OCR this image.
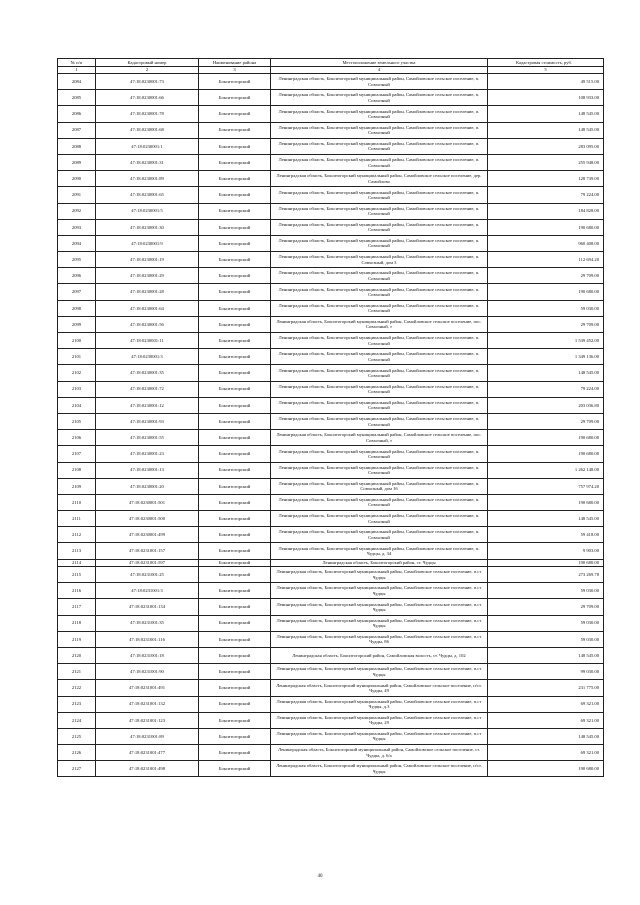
№ п/п	Кадастровый номер	Наименование района	Местоположение земельного участка	Кадастровая стоимость, руб.
1	2	3	4	5
2084	47:18:0230001:73	Бокситогорский	Ленинградская область, Бокситогорский муниципальный район, Самойловское сельское поселение, п. Совхозный	49 515.00
2085	47:18:0230001:66	Бокситогорский	Ленинградская область, Бокситогорский муниципальный район, Самойловское сельское поселение, п. Совхозный	108 933.00
2086	47:18:0230001:78	Бокситогорский	Ленинградская область, Бокситогорский муниципальный район, Самойловское сельское поселение, п. Совхозный	148 545.00
2087	47:18:0230001:68	Бокситогорский	Ленинградская область, Бокситогорский муниципальный район, Самойловское сельское поселение, п. Совхозный	148 545.00
2088	47:18:0230001:1	Бокситогорский	Ленинградская область, Бокситогорский муниципальный район, Самойловское сельское поселение, п. Совхозный	283 095.00
2089	47:18:0230001:31	Бокситогорский	Ленинградская область, Бокситогорский муниципальный район, Самойловское сельское поселение, п. Совхозный	255 948.00
2090	47:18:0230001:89	Бокситогорский	Ленинградская область, Бокситогорский муниципальный район, Самойловское сельское поселение, дер. Самойлово	128 739.00
2091	47:18:0230001:65	Бокситогорский	Ленинградская область, Бокситогорский муниципальный район, Самойловское сельское поселение, п. Совхозный	79 224.00
2092	47:18:0230001:5	Бокситогорский	Ленинградская область, Бокситогорский муниципальный район, Самойловское сельское поселение, п. Совхозный	184 828.00
2093	47:18:0230001:30	Бокситогорский	Ленинградская область, Бокситогорский муниципальный район, Самойловское сельское поселение, п. Совхозный	190 680.00
2094	47:18:0230001:9	Бокситогорский	Ленинградская область, Бокситогорский муниципальный район, Самойловское сельское поселение, п. Совхозный	960 408.00
2095	47:18:0230001:19	Бокситогорский	Ленинградская область, Бокситогорский муниципальный район, Самойловское сельское поселение, п. Совхозный, дом 3	112 694.20
2096	47:18:0230001:29	Бокситогорский	Ленинградская область, Бокситогорский муниципальный район, Самойловское сельское поселение, п. Совхозный	29 709.00
2097	47:18:0230001:28	Бокситогорский	Ленинградская область, Бокситогорский муниципальный район, Самойловское сельское поселение, п. Совхозный	190 680.00
2098	47:18:0230001:64	Бокситогорский	Ленинградская область, Бокситогорский муниципальный район, Самойловское сельское поселение, п. Совхозный	59 030.00
2099	47:18:0230001:56	Бокситогорский	Ленинградская область, Бокситогорский муниципальный район, Самойловское сельское поселение, пос. Совхозный, т	29 709.00
2100	47:18:0230001:11	Бокситогорский	Ленинградская область, Бокситогорский муниципальный район, Самойловское сельское поселение, п. Совхозный	1 539 452.00
2101	47:18:0230001:3	Бокситогорский	Ленинградская область, Бокситогорский муниципальный район, Самойловское сельское поселение, п. Совхозный	1 349 136.00
2102	47:18:0230001:35	Бокситогорский	Ленинградская область, Бокситогорский муниципальный район, Самойловское сельское поселение, п. Совхозный	148 545.00
2103	47:18:0230001:72	Бокситогорский	Ленинградская область, Бокситогорский муниципальный район, Самойловское сельское поселение, п. Совхозный	79 224.00
2104	47:18:0230001:12	Бокситогорский	Ленинградская область, Бокситогорский муниципальный район, Самойловское сельское поселение, п. Совхозный	203 036.80
2105	47:18:0230001:93	Бокситогорский	Ленинградская область, Бокситогорский муниципальный район, Самойловское сельское поселение, п. Совхозный	29 709.00
2106	47:18:0230001:55	Бокситогорский	Ленинградская область, Бокситогорский муниципальный район, Самойловское сельское поселение, пос. Совхозный, т	190 680.00
2107	47:18:0230001:23	Бокситогорский	Ленинградская область, Бокситогорский муниципальный район, Самойловское сельское поселение, п. Совхозный	190 680.00
2108	47:18:0230001:13	Бокситогорский	Ленинградская область, Бокситогорский муниципальный район, Самойловское сельское поселение, п. Совхозный	1 262 148.00
2109	47:18:0230001:20	Бокситогорский	Ленинградская область, Бокситогорский муниципальный район, Самойловское сельское поселение, п. Совхозный, дом 16	757 974.20
2110	47:18:0230001:501	Бокситогорский	Ленинградская область, Бокситогорский муниципальный район, Самойловское сельское поселение, п. Совхозный	190 680.00
2111	47:18:0230001:500	Бокситогорский	Ленинградская область, Бокситогорский муниципальный район, Самойловское сельское поселение, п. Совхозный	148 545.00
2112	47:18:0230001:499	Бокситогорский	Ленинградская область, Бокситогорский муниципальный район, Самойловское сельское поселение, п. Совхозный	59 418.00
2113	47:18:0231001:157	Бокситогорский	Ленинградская область, Бокситогорский муниципальный район, Самойловское сельское поселение, п. Чудцы, д. 34	9 903.00
2114	47:18:0231001:597	Бокситогорский	Ленинградская область, Бокситогорский район, ст. Чудцы	190 680.00
2115	47:18:0231001:25	Бокситогорский	Ленинградская область, Бокситогорский муниципальный район, Самойловское сельское поселение, п.ст Чудцы	273 269.78
2116	47:18:0231001:3	Бокситогорский	Ленинградская область, Бокситогорский муниципальный район, Самойловское сельское поселение, п.ст Чудцы	59 030.00
2117	47:18:0231001:134	Бокситогорский	Ленинградская область, Бокситогорский муниципальный район, Самойловское сельское поселение, п.ст Чудцы	29 709.00
2118	47:18:0231001:35	Бокситогорский	Ленинградская область, Бокситогорский муниципальный район, Самойловское сельское поселение, п.ст Чудцы	59 030.00
2119	47:18:0231001:116	Бокситогорский	Ленинградская область, Бокситогорский муниципальный район, Самойловское сельское поселение, п.ст Чудцы, 86	59 030.00
2120	47:18:0231001:18	Бокситогорский	Ленинградская область, Бокситогорский район, Самойловская волость, ст. Чудцы, д. 102	148 545.00
2121	47:18:0231001:90	Бокситогорский	Ленинградская область, Бокситогорский муниципальный район, Самойловское сельское поселение, п.ст Чудцы	99 030.00
2122	47:18:0231001:491	Бокситогорский	Ленинградская область, Бокситогорский муниципальный район, Самойловское сельское поселение, п/ст. Чудцы, 49	231 775.00
2123	47:18:0231001:132	Бокситогорский	Ленинградская область, Бокситогорский муниципальный район, Самойловское сельское поселение, п.ст Чудцы, д.3	69 321.00
2124	47:18:0231001:123	Бокситогорский	Ленинградская область, Бокситогорский муниципальный район, Самойловское сельское поселение, п.ст Чудцы, 29	69 321.00
2125	47:18:0231001:89	Бокситогорский	Ленинградская область, Бокситогорский муниципальный район, Самойловское сельское поселение, п.ст Чудцы	148 545.00
2126	47:18:0231001:477	Бокситогорский	Ленинградская область, Бокситогорский муниципальный район, Самойловское сельское поселение, ст. Чудцы, д. 6/а	69 321.00
2127	47:18:0231001:498	Бокситогорский	Ленинградская область, Бокситогорский муниципальный район, Самойловское сельское поселение, п/ст. Чудцы	190 680.00
40
